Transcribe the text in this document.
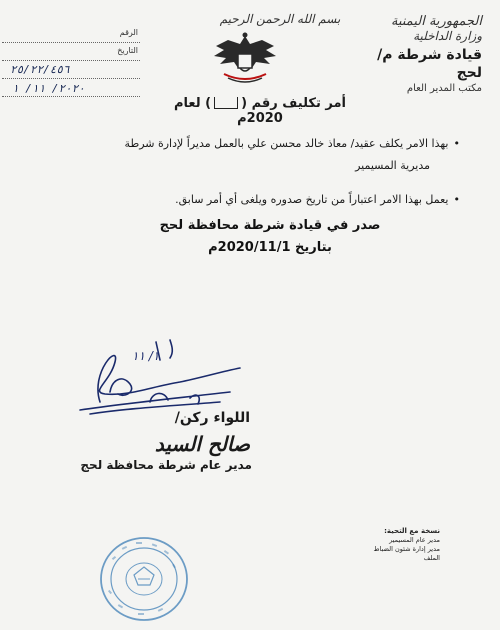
الجمهورية اليمنية
وزارة الداخلية
قيادة شرطة م/ لحج
مكتب المدير العام
بسم الله الرحمن الرحيم
الرقم
التاريخ
٢٥/٢٢/٤٥٦
٢٠٢٠/ ١١/ ١
أمر تكليف رقم () لعام 2020م
• بهذا الامر يكلف عقيد/ معاذ خالد محسن علي بالعمل مديراً لإدارة شرطة
مديرية المسيمير
• يعمل بهذا الامر اعتباراً من تاريخ صدوره ويلغى أي أمر سابق.
صدر في قيادة شرطة محافظة لحج
بتاريخ 2020/11/1م
١/ ١١
اللواء ركن/
صالح السيد
مدير عام شرطة محافظة لحج
نسخة مع التحية:
مدير عام المسيمير
مدير إدارة شئون الضباط
الملف
